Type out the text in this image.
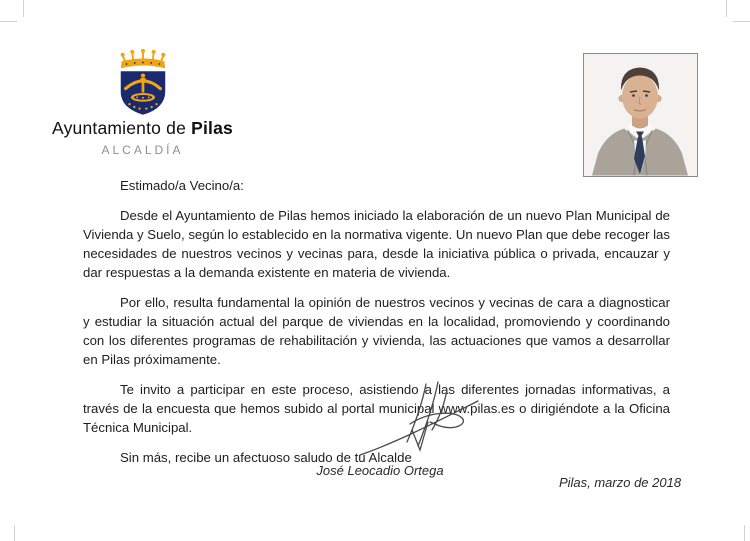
Ayuntamiento de Pilas
ALCALDÍA

Estimado/a Vecino/a:

Desde el Ayuntamiento de Pilas hemos iniciado la elaboración de un nuevo Plan Municipal de Vivienda y Suelo, según lo establecido en la normativa vigente. Un nuevo Plan que debe recoger las necesidades de nuestros vecinos y vecinas para, desde la iniciativa pública o privada, encauzar y dar respuestas a la demanda existente en materia de vivienda.

Por ello, resulta fundamental la opinión de nuestros vecinos y vecinas de cara a diagnosticar y estudiar la situación actual del parque de viviendas en la localidad, promoviendo y coordinando con los diferentes programas de rehabilitación y vivienda, las actuaciones que vamos a desarrollar en Pilas próximamente.

Te invito a participar en este proceso, asistiendo a las diferentes jornadas informativas, a través de la encuesta que hemos subido al portal municipal www.pilas.es o dirigiéndote a la Oficina Técnica Municipal.

Sin más, recibe un afectuoso saludo de tu Alcalde

José Leocadio Ortega
Pilas, marzo de 2018
